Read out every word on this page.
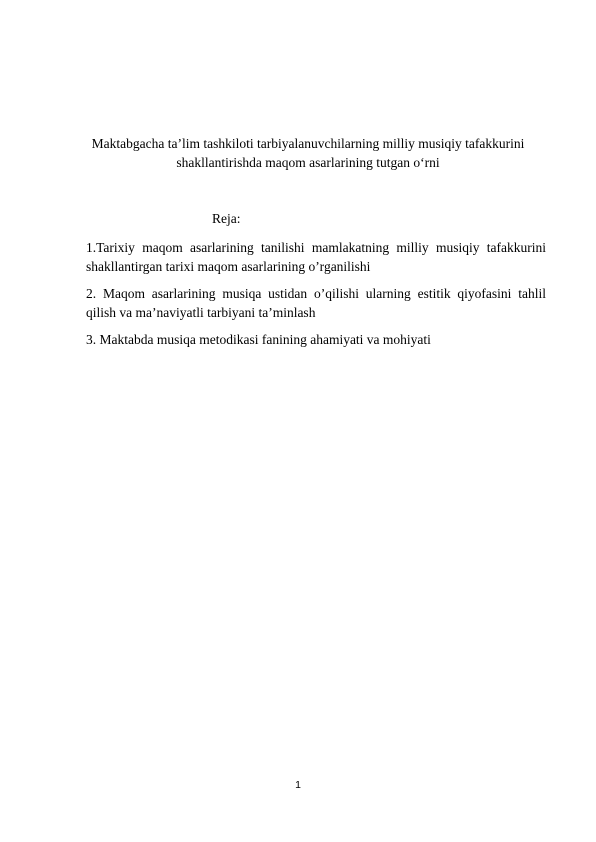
Maktabgacha ta’lim tashkiloti tarbiyalanuvchilarning milliy musiqiy tafakkurini shakllantirishda maqom asarlarining tutgan o‘rni
Reja:
1.Tarixiy maqom asarlarining tanilishi mamlakatning milliy musiqiy tafakkurini shakllantirgan tarixi maqom asarlarining o’rganilishi
2. Maqom asarlarining musiqa ustidan o’qilishi ularning estitik qiyofasini tahlil qilish va ma’naviyatli tarbiyani ta’minlash
3. Maktabda musiqa metodikasi fanining ahamiyati va mohiyati
1
